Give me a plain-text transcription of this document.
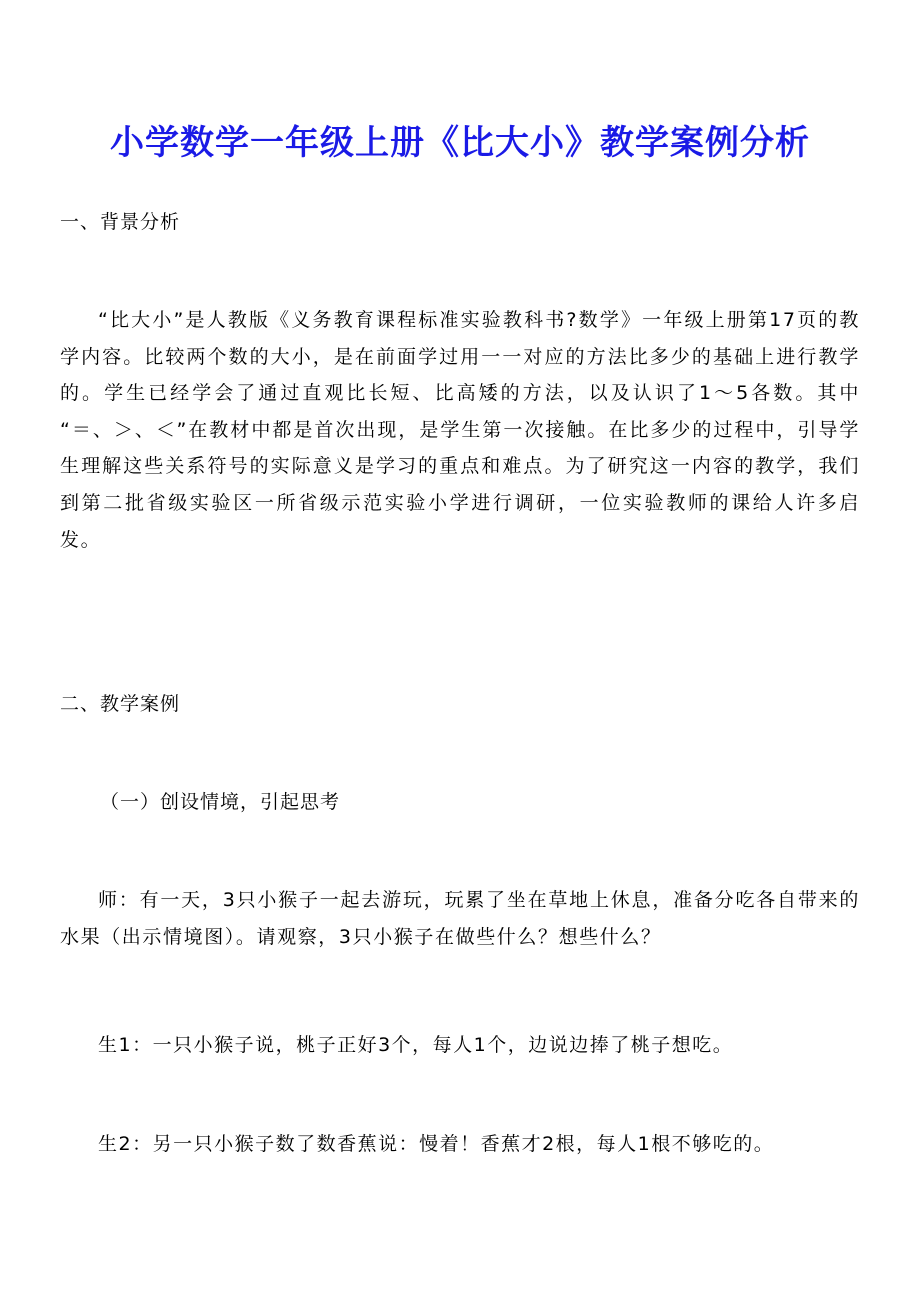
小学数学一年级上册《比大小》教学案例分析
一、背景分析
“比大小”是人教版《义务教育课程标准实验教科书?数学》一年级上册第17页的教学内容。比较两个数的大小，是在前面学过用一一对应的方法比多少的基础上进行教学的。学生已经学会了通过直观比长短、比高矮的方法，以及认识了1～5各数。其中 “＝、＞、＜”在教材中都是首次出现，是学生第一次接触。在比多少的过程中，引导学生理解这些关系符号的实际意义是学习的重点和难点。为了研究这一内容的教学，我们到第二批省级实验区一所省级示范实验小学进行调研，一位实验教师的课给人许多启发。
二、教学案例
（一）创设情境，引起思考
师：有一天，3只小猴子一起去游玩，玩累了坐在草地上休息，准备分吃各自带来的水果（出示情境图）。请观察，3只小猴子在做些什么？想些什么？
生1：一只小猴子说，桃子正好3个，每人1个，边说边捧了桃子想吃。
生2：另一只小猴子数了数香蕉说：慢着！香蕉才2根，每人1根不够吃的。
